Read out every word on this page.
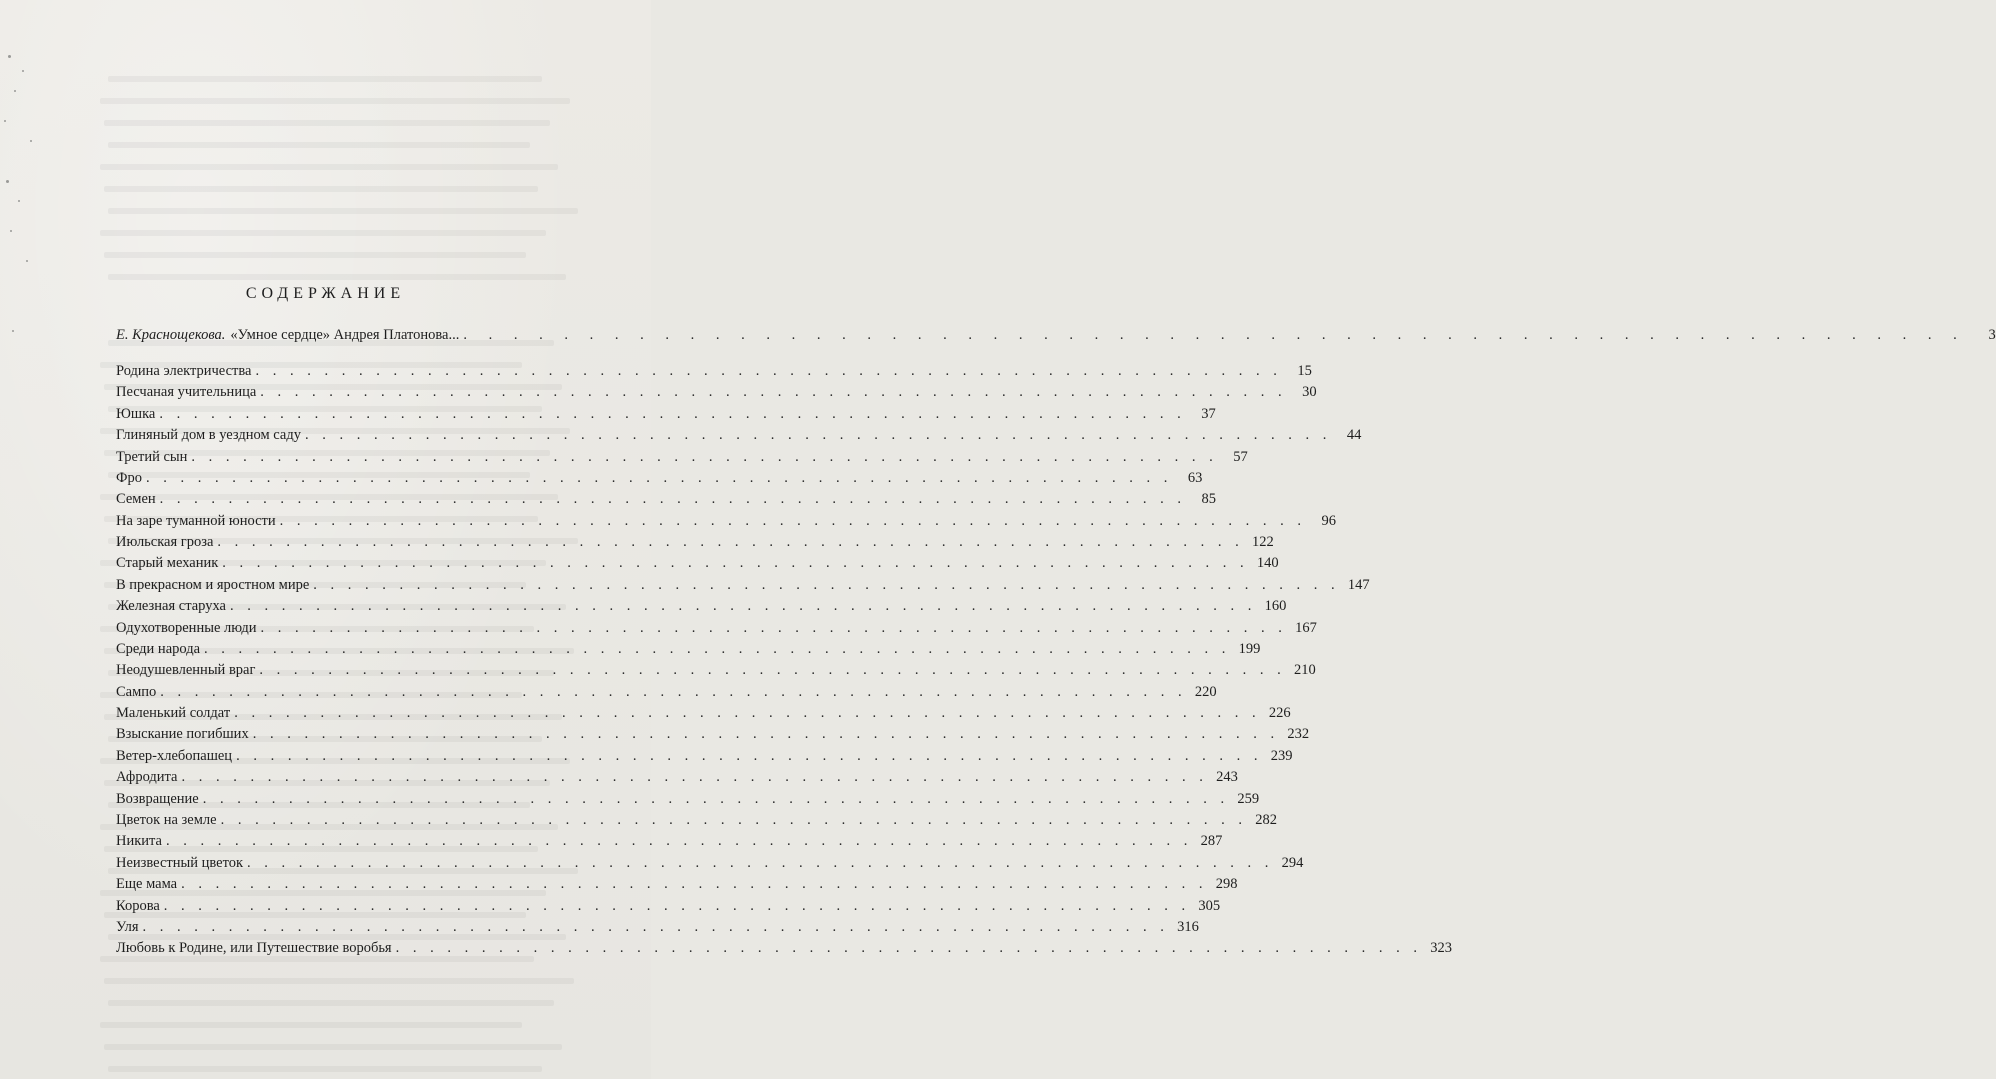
СОДЕРЖАНИЕ
Е. Краснощекова. «Умное сердце» Андрея Платонова... . . . . . . . . . . . . . . . . . . . . . . . . . . . . . . . . . . . . . . . . . . . . . . . . . . . . . . . . . . . .	3
Родина электричества . . . . . . . . . . . . . . . . . . . . . . . . . . . . . . . . . . . . . . . . . . . . . . . . . . . . . . . . . . . .	15
Песчаная учительница . . . . . . . . . . . . . . . . . . . . . . . . . . . . . . . . . . . . . . . . . . . . . . . . . . . . . . . . . . . .	30
Юшка . . . . . . . . . . . . . . . . . . . . . . . . . . . . . . . . . . . . . . . . . . . . . . . . . . . . . . . . . . . .	37
Глиняный дом в уездном саду . . . . . . . . . . . . . . . . . . . . . . . . . . . . . . . . . . . . . . . . . . . . . . . . . . . . . . . . . . . .	44
Третий сын . . . . . . . . . . . . . . . . . . . . . . . . . . . . . . . . . . . . . . . . . . . . . . . . . . . . . . . . . . . .	57
Фро . . . . . . . . . . . . . . . . . . . . . . . . . . . . . . . . . . . . . . . . . . . . . . . . . . . . . . . . . . . .	63
Семен . . . . . . . . . . . . . . . . . . . . . . . . . . . . . . . . . . . . . . . . . . . . . . . . . . . . . . . . . . . .	85
На заре туманной юности . . . . . . . . . . . . . . . . . . . . . . . . . . . . . . . . . . . . . . . . . . . . . . . . . . . . . . . . . . . .	96
Июльская гроза . . . . . . . . . . . . . . . . . . . . . . . . . . . . . . . . . . . . . . . . . . . . . . . . . . . . . . . . . . . . 122
Старый механик . . . . . . . . . . . . . . . . . . . . . . . . . . . . . . . . . . . . . . . . . . . . . . . . . . . . . . . . . . . . 140
В прекрасном и яростном мире . . . . . . . . . . . . . . . . . . . . . . . . . . . . . . . . . . . . . . . . . . . . . . . . . . . . . . . . . . . . 147
Железная старуха . . . . . . . . . . . . . . . . . . . . . . . . . . . . . . . . . . . . . . . . . . . . . . . . . . . . . . . . . . . . 160
Одухотворенные люди . . . . . . . . . . . . . . . . . . . . . . . . . . . . . . . . . . . . . . . . . . . . . . . . . . . . . . . . . . . . 167
Среди народа . . . . . . . . . . . . . . . . . . . . . . . . . . . . . . . . . . . . . . . . . . . . . . . . . . . . . . . . . . . . 199
Неодушевленный враг . . . . . . . . . . . . . . . . . . . . . . . . . . . . . . . . . . . . . . . . . . . . . . . . . . . . . . . . . . . . 210
Сампо . . . . . . . . . . . . . . . . . . . . . . . . . . . . . . . . . . . . . . . . . . . . . . . . . . . . . . . . . . . . 220
Маленький солдат . . . . . . . . . . . . . . . . . . . . . . . . . . . . . . . . . . . . . . . . . . . . . . . . . . . . . . . . . . . . 226
Взыскание погибших . . . . . . . . . . . . . . . . . . . . . . . . . . . . . . . . . . . . . . . . . . . . . . . . . . . . . . . . . . . . 232
Ветер-хлебопашец . . . . . . . . . . . . . . . . . . . . . . . . . . . . . . . . . . . . . . . . . . . . . . . . . . . . . . . . . . . . 239
Афродита . . . . . . . . . . . . . . . . . . . . . . . . . . . . . . . . . . . . . . . . . . . . . . . . . . . . . . . . . . . . 243
Возвращение . . . . . . . . . . . . . . . . . . . . . . . . . . . . . . . . . . . . . . . . . . . . . . . . . . . . . . . . . . . . 259
Цветок на земле . . . . . . . . . . . . . . . . . . . . . . . . . . . . . . . . . . . . . . . . . . . . . . . . . . . . . . . . . . . . 282
Никита . . . . . . . . . . . . . . . . . . . . . . . . . . . . . . . . . . . . . . . . . . . . . . . . . . . . . . . . . . . . 287
Неизвестный цветок . . . . . . . . . . . . . . . . . . . . . . . . . . . . . . . . . . . . . . . . . . . . . . . . . . . . . . . . . . . . 294
Еще мама . . . . . . . . . . . . . . . . . . . . . . . . . . . . . . . . . . . . . . . . . . . . . . . . . . . . . . . . . . . . 298
Корова . . . . . . . . . . . . . . . . . . . . . . . . . . . . . . . . . . . . . . . . . . . . . . . . . . . . . . . . . . . . 305
Уля . . . . . . . . . . . . . . . . . . . . . . . . . . . . . . . . . . . . . . . . . . . . . . . . . . . . . . . . . . . . 316
Любовь к Родине, или Путешествие воробья . . . . . . . . . . . . . . . . . . . . . . . . . . . . . . . . . . . . . . . . . . . . . . . . . . . . . . . . . . . . 323
